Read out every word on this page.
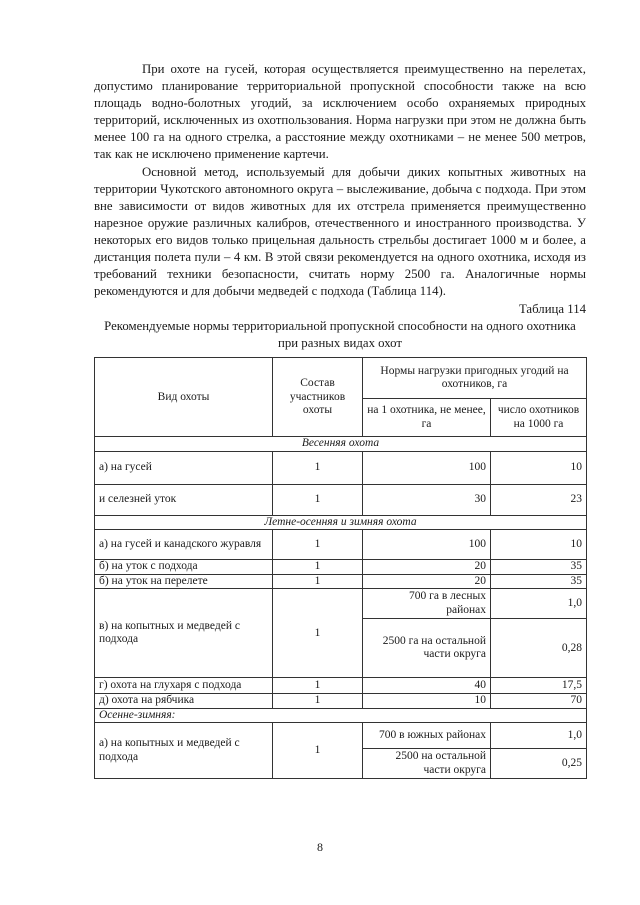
При охоте на гусей, которая осуществляется преимущественно на перелетах, допустимо планирование территориальной пропускной способности также на всю площадь водно-болотных угодий, за исключением особо охраняемых природных территорий, исключенных из охотпользования. Норма нагрузки при этом не должна быть менее 100 га на одного стрелка, а расстояние между охотниками – не менее 500 метров, так как не исключено применение картечи.

Основной метод, используемый для добычи диких копытных животных на территории Чукотского автономного округа – выслеживание, добыча с подхода. При этом вне зависимости от видов животных для их отстрела применяется преимущественно нарезное оружие различных калибров, отечественного и иностранного производства. У некоторых его видов только прицельная дальность стрельбы достигает 1000 м и более, а дистанция полета пули – 4 км. В этой связи рекомендуется на одного охотника, исходя из требований техники безопасности, считать норму 2500 га. Аналогичные нормы рекомендуются и для добычи медведей с подхода (Таблица 114).

Таблица 114
Рекомендуемые нормы территориальной пропускной способности на одного охотника
при разных видах охот
Вид охоты	Состав участников охоты	Нормы нагрузки пригодных угодий на охотников, га	
		на 1 охотника, не менее, га	число охотников на 1000 га
Весенняя охота			
а) на гусей	1	100	10
и селезней уток	1	30	23
Летне-осенняя и зимняя охота			
а) на гусей и канадского журавля	1	100	10
б) на уток с подхода	1	20	35
б) на уток на перелете	1	20	35
в) на копытных и медведей с подхода	1	700 га в лесных районах	1,0
		2500 га на остальной части округа	0,28
г) охота на глухаря с подхода	1	40	17,5
д) охота на рябчика	1	10	70
Осенне-зимняя:			
а) на копытных и медведей с подхода	1	700 в южных районах	1,0
		2500 на остальной части округа	0,25
8
